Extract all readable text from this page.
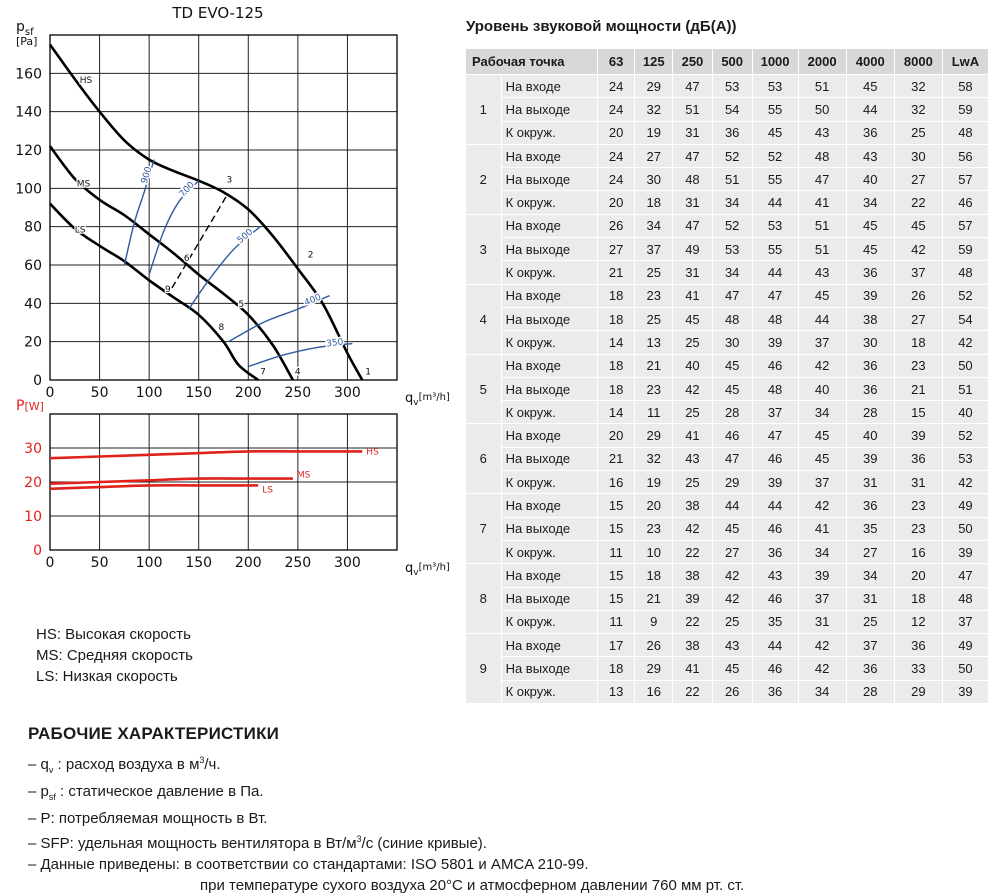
TD EVO-125
0	50 100 150 200 250 300
0
20
40
60
80
100
120
140
160
$p_{sf}$
[Pa]
$q_v[m^3/h]$
900
700
500
400
350
1
2
3
4
5
6
7
8
9
HS
MS
LS
0	50 100 150 200 250 300
0
10
20
30
P[W]
$q_v[m^3/h]$
HS
MS
LS
HS: Высокая скорость
MS: Средняя скорость
LS: Низкая скорость
Уровень звуковой мощности (дБ(А))
Рабочая точка		63	125	250	500	1000	2000	4000	8000	LwA
1	На входе	24	29	47	53	53	51	45	32	58
	На выходе	24	32	51	54	55	50	44	32	59
	К окруж.	20	19	31	36	45	43	36	25	48
2	На входе	24	27	47	52	52	48	43	30	56
	На выходе	24	30	48	51	55	47	40	27	57
	К окруж.	20	18	31	34	44	41	34	22	46
3	На входе	26	34	47	52	53	51	45	45	57
	На выходе	27	37	49	53	55	51	45	42	59
	К окруж.	21	25	31	34	44	43	36	37	48
4	На входе	18	23	41	47	47	45	39	26	52
	На выходе	18	25	45	48	48	44	38	27	54
	К окруж.	14	13	25	30	39	37	30	18	42
5	На входе	18	21	40	45	46	42	36	23	50
	На выходе	18	23	42	45	48	40	36	21	51
	К окруж.	14	11	25	28	37	34	28	15	40
6	На входе	20	29	41	46	47	45	40	39	52
	На выходе	21	32	43	47	46	45	39	36	53
	К окруж.	16	19	25	29	39	37	31	31	42
7	На входе	15	20	38	44	44	42	36	23	49
	На выходе	15	23	42	45	46	41	35	23	50
	К окруж.	11	10	22	27	36	34	27	16	39
8	На входе	15	18	38	42	43	39	34	20	47
	На выходе	15	21	39	42	46	37	31	18	48
	К окруж.	11	9	22	25	35	31	25	12	37
9	На входе	17	26	38	43	44	42	37	36	49
	На выходе	18	29	41	45	46	42	36	33	50
	К окруж.	13	16	22	26	36	34	28	29	39
РАБОЧИЕ ХАРАКТЕРИСТИКИ
– $q_v$ : расход воздуха в $м^3/ч$.
– $p_{sf}$ : статическое давление в Па.
– P: потребляемая мощность в Вт.
– SFP: удельная мощность вентилятора в $Вт/м^3/с$ (синие кривые).
– Данные приведены: в соответствии со стандартами: ISO 5801 и AMCA 210-99.
при температуре сухого воздуха 20°C и атмосферном давлении 760 мм рт. ст.
